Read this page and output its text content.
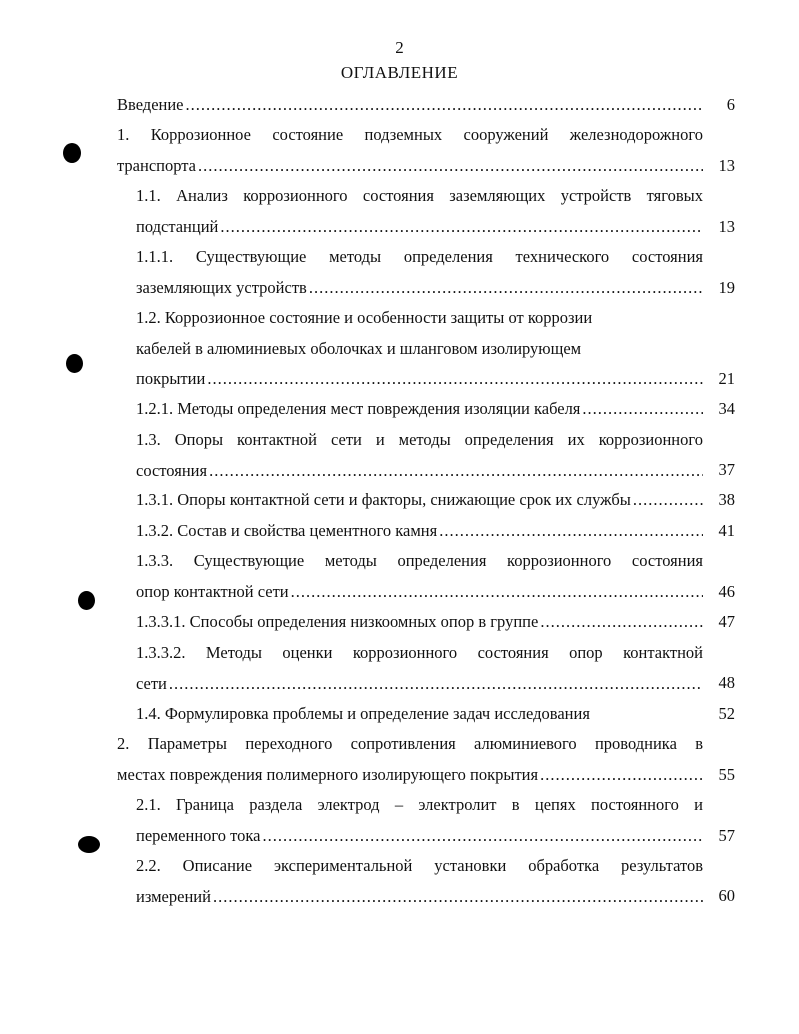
2
ОГЛАВЛЕНИЕ
Введение .....	6
1. Коррозионное состояние подземных сооружений железнодорожного
транспорта .....	13
1.1. Анализ коррозионного состояния заземляющих устройств тяговых
подстанций .....	13
1.1.1. Существующие методы определения технического состояния
заземляющих устройств .....	19
1.2. Коррозионное состояние и особенности защиты от коррозии
кабелей в алюминиевых оболочках и шланговом изолирующем
покрытии .....	21
1.2.1. Методы определения мест повреждения изоляции кабеля .....	34
1.3. Опоры контактной сети и методы определения их коррозионного
состояния .....	37
1.3.1. Опоры контактной сети и факторы, снижающие срок их службы .....	38
1.3.2. Состав и свойства цементного камня .....	41
1.3.3. Существующие методы определения коррозионного состояния
опор контактной сети .....	46
1.3.3.1. Способы определения низкоомных опор в группе .....	47
1.3.3.2. Методы оценки коррозионного состояния опор контактной
сети .....	48
1.4. Формулировка проблемы и определение задач исследования	52
2. Параметры переходного сопротивления алюминиевого проводника в
местах повреждения полимерного изолирующего покрытия .....	55
2.1. Граница раздела электрод – электролит в цепях постоянного и
переменного тока .....	57
2.2. Описание экспериментальной установки обработка результатов
измерений .....	60
